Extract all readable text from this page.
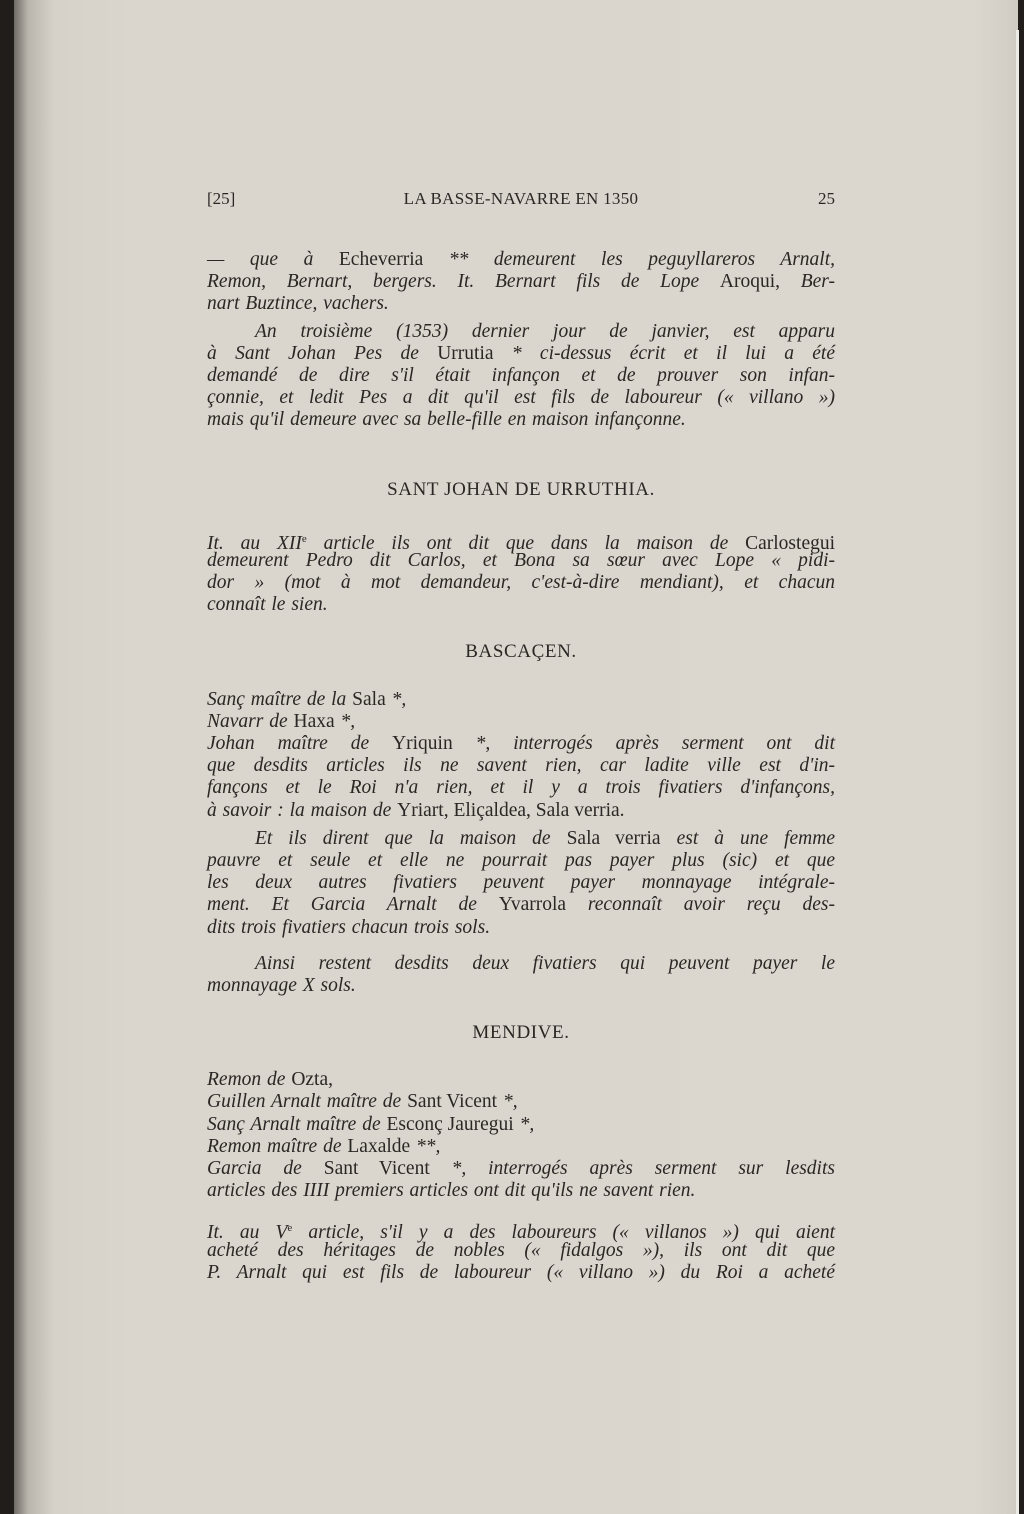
[25]	LA BASSE-NAVARRE EN 1350	25
— que à Echeverria ** demeurent les peguyllareros Arnalt,
Remon, Bernart, bergers. It. Bernart fils de Lope Aroqui, Ber-
nart Buztince, vachers.
An troisième (1353) dernier jour de janvier, est apparu
à Sant Johan Pes de Urrutia * ci-dessus écrit et il lui a été
demandé de dire s'il était infançon et de prouver son infan-
çonnie, et ledit Pes a dit qu'il est fils de laboureur (« villano »)
mais qu'il demeure avec sa belle-fille en maison infançonne.
SANT JOHAN DE URRUTHIA.
It. au XIIe article ils ont dit que dans la maison de Carlostegui
demeurent Pedro dit Carlos, et Bona sa sœur avec Lope « pidi-
dor » (mot à mot demandeur, c'est-à-dire mendiant), et chacun
connaît le sien.
BASCAÇEN.
Sanç maître de la Sala *,
Navarr de Haxa *,
Johan maître de Yriquin *, interrogés après serment ont dit
que desdits articles ils ne savent rien, car ladite ville est d'in-
fançons et le Roi n'a rien, et il y a trois fivatiers d'infançons,
à savoir : la maison de Yriart, Eliçaldea, Sala verria.
Et ils dirent que la maison de Sala verria est à une femme
pauvre et seule et elle ne pourrait pas payer plus (sic) et que
les deux autres fivatiers peuvent payer monnayage intégrale-
ment. Et Garcia Arnalt de Yvarrola reconnaît avoir reçu des-
dits trois fivatiers chacun trois sols.
Ainsi restent desdits deux fivatiers qui peuvent payer le
monnayage X sols.
MENDIVE.
Remon de Ozta,
Guillen Arnalt maître de Sant Vicent *,
Sanç Arnalt maître de Esconç Jauregui *,
Remon maître de Laxalde **,
Garcia de Sant Vicent *, interrogés après serment sur lesdits
articles des IIII premiers articles ont dit qu'ils ne savent rien.
It. au Ve article, s'il y a des laboureurs (« villanos ») qui aient
acheté des héritages de nobles (« fidalgos »), ils ont dit que
P. Arnalt qui est fils de laboureur (« villano ») du Roi a acheté
